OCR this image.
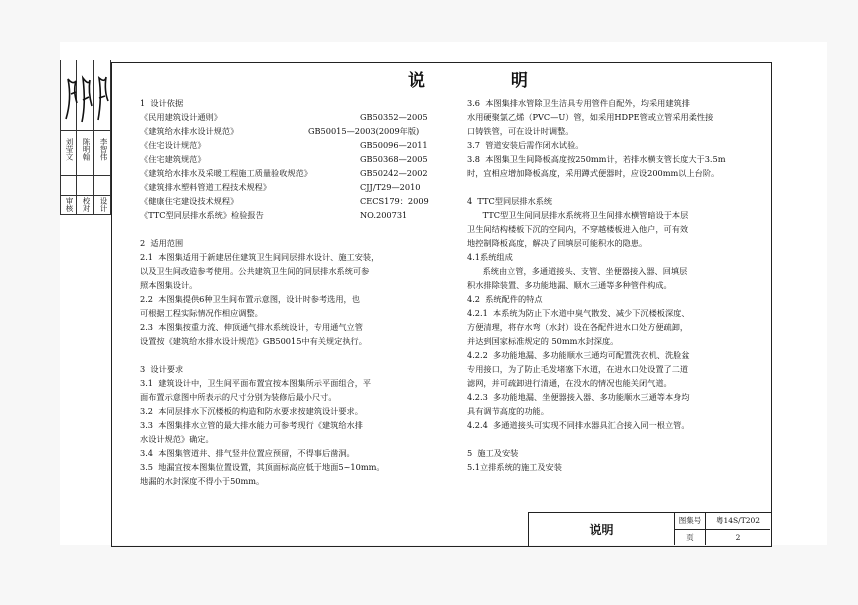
审核 校对 设计
刘莹文 陈明翰 李智伟
说 明
1  设计依据
《民用建筑设计通则》	GB50352—2005
《建筑给水排水设计规范》	GB50015—2003(2009年版)
《住宅设计规范》	GB50096—2011
《住宅建筑规范》	GB50368—2005
《建筑给水排水及采暖工程施工质量验收规范》	GB50242—2002
《建筑排水塑料管道工程技术规程》	CJJ/T29—2010
《健康住宅建设技术规程》	CECS179：2009
《TTC型同层排水系统》检验报告	NO.200731
2  适用范围
2.1  本图集适用于新建居住建筑卫生间同层排水设计、施工安装，
以及卫生间改造参考使用。公共建筑卫生间的同层排水系统可参
照本图集设计。
2.2  本图集提供6种卫生间布置示意图，设计时参考选用，也
可根据工程实际情况作相应调整。
2.3  本图集按重力流、伸顶通气排水系统设计，专用通气立管
设置按《建筑给水排水设计规范》GB50015中有关规定执行。
3  设计要求
3.1  建筑设计中，卫生间平面布置宜按本图集所示平面组合，平
面布置示意图中所表示的尺寸分别为装修后最小尺寸。
3.2  本同层排水下沉楼板的构造和防水要求按建筑设计要求。
3.3  本图集排水立管的最大排水能力可参考现行《建筑给水排
水设计规范》确定。
3.4  本图集管道井、排气竖井位置应预留，不得事后凿洞。
3.5  地漏宜按本图集位置设置，其顶面标高应低于地面5~10mm。
地漏的水封深度不得小于50mm。
3.6  本图集排水管除卫生洁具专用管件自配外，均采用建筑排
水用硬聚氯乙烯（PVC—U）管，如采用HDPE管或立管采用柔性接
口铸铁管，可在设计时调整。
3.7  管道安装后需作闭水试验。
3.8  本图集卫生间降板高度按250mm计，若排水横支管长度大于3.5m
时，宜相应增加降板高度，采用蹲式便器时，应设200mm以上台阶。
4  TTC型同层排水系统
TTC型卫生间同层排水系统将卫生间排水横管暗设于本层
卫生间结构楼板下沉的空间内，不穿越楼板进入他户，可有效
地控制降板高度，解决了回填层可能积水的隐患。
4.1系统组成
系统由立管，多通道接头、支管、坐便器接入器、回填层
积水排除装置、多功能地漏、顺水三通等多种管件构成。
4.2  系统配件的特点
4.2.1  本系统为防止下水道中臭气散发、减少下沉楼板深度、
方便清理，将存水弯（水封）设在各配件进水口处方便疏卸，
并达到国家标准规定的 50mm水封深度。
4.2.2  多功能地漏、多功能顺水三通均可配置洗衣机、洗脸盆
专用接口，为了防止毛发堵塞下水道，在进水口处设置了二道
滤网，并可疏卸进行清通，在没水的情况也能关闭气道。
4.2.3  多功能地漏、坐便器接入器、多功能顺水三通等本身均
具有调节高度的功能。
4.2.4  多通道接头可实现不同排水器具汇合接入同一根立管。
5  施工及安装
5.1立排系统的施工及安装
说明
图集号	粤14S/T202
页	2
